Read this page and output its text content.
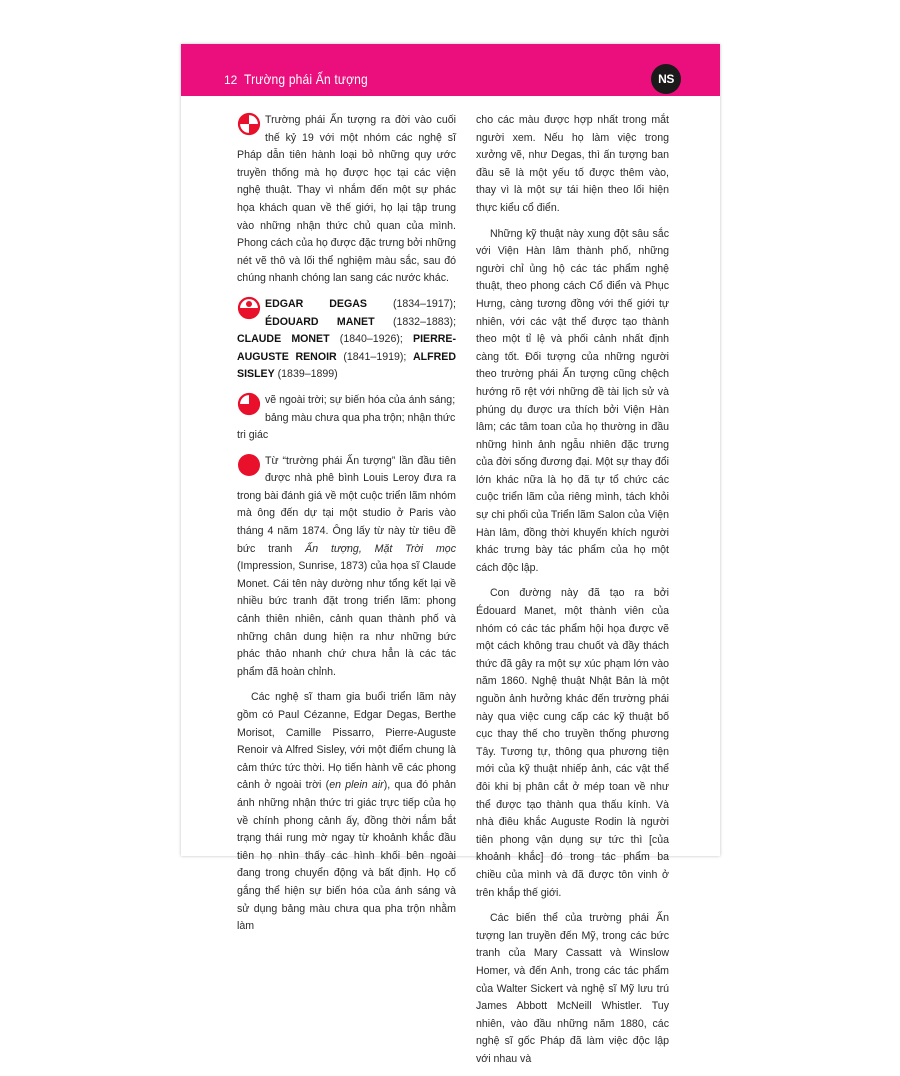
12 Trường phái Ấn tượng	NS

Trường phái Ấn tượng ra đời vào cuối thế kỷ 19 với một nhóm các nghệ sĩ Pháp dẫn tiên hành loại bỏ những quy ước truyền thống mà họ được học tại các viện nghệ thuật. Thay vì nhắm đến một sự phác họa khách quan về thế giới, họ lại tập trung vào những nhận thức chủ quan của mình. Phong cách của họ được đặc trưng bởi những nét vẽ thô và lối thể nghiệm màu sắc, sau đó chúng nhanh chóng lan sang các nước khác.

EDGAR DEGAS (1834–1917); ÉDOUARD MANET (1832–1883); CLAUDE MONET (1840–1926); PIERRE-AUGUSTE RENOIR (1841–1919); ALFRED SISLEY (1839–1899)

vẽ ngoài trời; sự biến hóa của ánh sáng; bảng màu chưa qua pha trộn; nhận thức tri giác

Từ “trường phái Ấn tượng” lần đầu tiên được nhà phê bình Louis Leroy đưa ra trong bài đánh giá về một cuộc triển lãm nhóm mà ông đến dự tại một studio ở Paris vào tháng 4 năm 1874. Ông lấy từ này từ tiêu đề bức tranh Ấn tượng, Mặt Trời mọc (Impression, Sunrise, 1873) của họa sĩ Claude Monet. Cái tên này dường như tổng kết lại về nhiều bức tranh đặt trong triển lãm: phong cảnh thiên nhiên, cảnh quan thành phố và những chân dung hiện ra như những bức phác thảo nhanh chứ chưa hẳn là các tác phẩm đã hoàn chỉnh.

Các nghệ sĩ tham gia buổi triển lãm này gồm có Paul Cézanne, Edgar Degas, Berthe Morisot, Camille Pissarro, Pierre-Auguste Renoir và Alfred Sisley, với một điểm chung là cảm thức tức thời. Họ tiến hành vẽ các phong cảnh ở ngoài trời (en plein air), qua đó phản ánh những nhận thức tri giác trực tiếp của họ về chính phong cảnh ấy, đồng thời nắm bắt trạng thái rung mờ ngay từ khoảnh khắc đầu tiên họ nhìn thấy các hình khối bên ngoài đang trong chuyển động và bất định. Họ cố gắng thể hiện sự biến hóa của ánh sáng và sử dụng bảng màu chưa qua pha trộn nhằm làm

cho các màu được hợp nhất trong mắt người xem. Nếu họ làm việc trong xưởng vẽ, như Degas, thì ấn tượng ban đầu sẽ là một yếu tố được thêm vào, thay vì là một sự tái hiện theo lối hiện thực kiểu cổ điển.

Những kỹ thuật này xung đột sâu sắc với Viện Hàn lâm thành phố, những người chỉ ủng hộ các tác phẩm nghệ thuật, theo phong cách Cổ điển và Phục Hưng, càng tương đồng với thế giới tự nhiên, với các vật thể được tạo thành theo một tỉ lệ và phối cảnh nhất định càng tốt. Đối tượng của những người theo trường phái Ấn tượng cũng chệch hướng rõ rệt với những đề tài lịch sử và phúng dụ được ưa thích bởi Viện Hàn lâm; các tâm toan của họ thường in đầu những hình ảnh ngẫu nhiên đặc trưng của đời sống đương đại. Một sự thay đổi lớn khác nữa là họ đã tự tổ chức các cuộc triển lãm của riêng mình, tách khỏi sự chi phối của Triển lãm Salon của Viện Hàn lâm, đồng thời khuyến khích người khác trưng bày tác phẩm của họ một cách độc lập.

Con đường này đã tạo ra bởi Édouard Manet, một thành viên của nhóm có các tác phẩm hội họa được vẽ một cách không trau chuốt và đầy thách thức đã gây ra một sự xúc phạm lớn vào năm 1860. Nghệ thuật Nhật Bản là một nguồn ảnh hưởng khác đến trường phái này qua việc cung cấp các kỹ thuật bố cục thay thế cho truyền thống phương Tây. Tương tự, thông qua phương tiện mới của kỹ thuật nhiếp ảnh, các vật thể đôi khi bị phân cắt ở mép toan về như thể được tạo thành qua thấu kính. Và nhà điêu khắc Auguste Rodin là người tiên phong vận dụng sự tức thì [của khoảnh khắc] đó trong tác phẩm ba chiều của mình và đã được tôn vinh ở trên khắp thế giới.

Các biến thể của trường phái Ấn tượng lan truyền đến Mỹ, trong các bức tranh của Mary Cassatt và Winslow Homer, và đến Anh, trong các tác phẩm của Walter Sickert và nghệ sĩ Mỹ lưu trú James Abbott McNeill Whistler. Tuy nhiên, vào đầu những năm 1880, các nghệ sĩ gốc Pháp đã làm việc độc lập với nhau và
